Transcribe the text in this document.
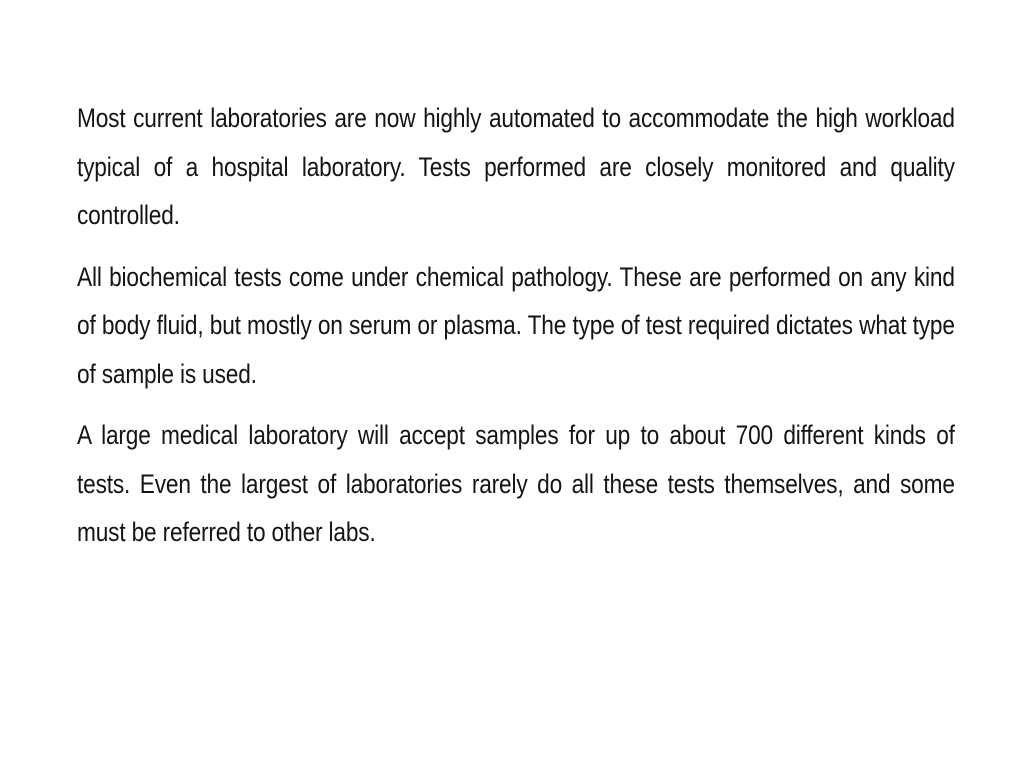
Most current laboratories are now highly automated to accommodate the high workload typical of a hospital laboratory. Tests performed are closely monitored and quality controlled.

All biochemical tests come under chemical pathology. These are performed on any kind of body fluid, but mostly on serum or plasma. The type of test required dictates what type of sample is used.

A large medical laboratory will accept samples for up to about 700 different kinds of tests. Even the largest of laboratories rarely do all these tests themselves, and some must be referred to other labs.
